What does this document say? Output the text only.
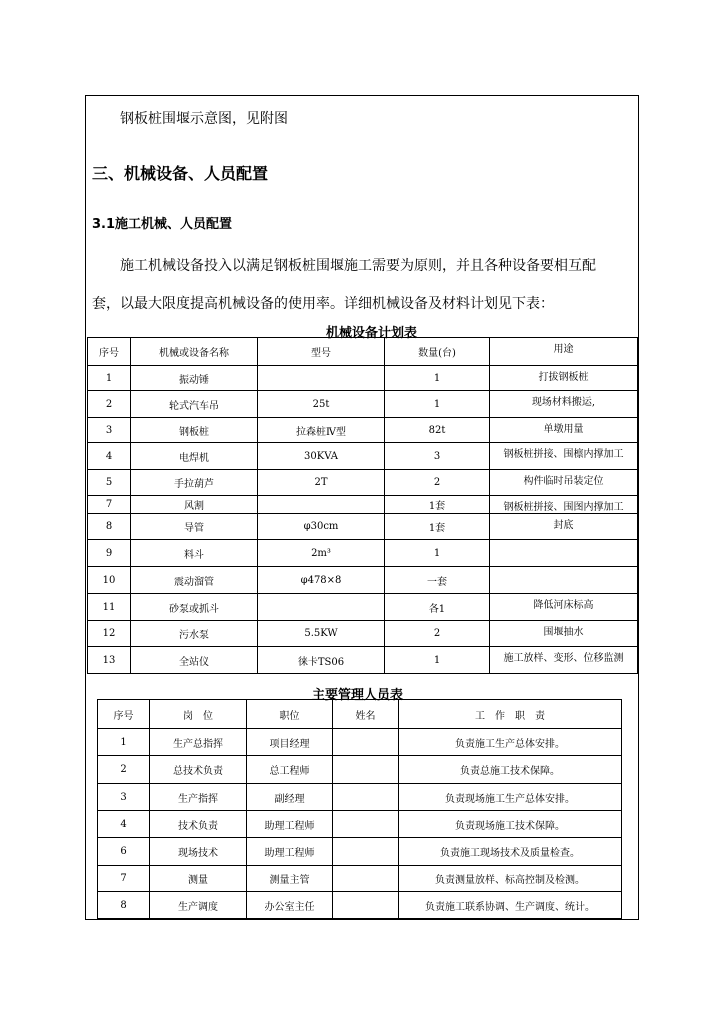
钢板桩围堰示意图，见附图
三、机械设备、人员配置
3.1施工机械、人员配置
施工机械设备投入以满足钢板桩围堰施工需要为原则，并且各种设备要相互配
套，以最大限度提高机械设备的使用率。详细机械设备及材料计划见下表：
机械设备计划表
序号	机械或设备名称	型号	数量(台)	用途
1	振动锤		1	打拔钢板桩
2	轮式汽车吊	25t	1	现场材料搬运,
3	钢板桩	拉森桩Ⅳ型	82t	单墩用量
4	电焊机	30KVA	3	钢板桩拼接、围檩内撑加工
5	手拉葫芦	2T	2	构件临时吊装定位
7	风割		1套	钢板桩拼接、围图内撑加工
8	导管	φ30cm	1套	封底
9	料斗	2m³	1	
10	震动溜管	φ478×8	一套	
11	砂泵或抓斗		各1	降低河床标高
12	污水泵	5.5KW	2	围堰抽水
13	全站仪	徕卡TS06	1	施工放样、变形、位移监测
主要管理人员表
序号	岗　位	职位	姓名	工　作　职　责
1	生产总指挥	项目经理		负责施工生产总体安排。
2	总技术负责	总工程师		负责总施工技术保障。
3	生产指挥	副经理		负责现场施工生产总体安排。
4	技术负责	助理工程师		负责现场施工技术保障。
6	现场技术	助理工程师		负责施工现场技术及质量检查。
7	测量	测量主管		负责测量放样、标高控制及检测。
8	生产调度	办公室主任		负责施工联系协调、生产调度、统计。
